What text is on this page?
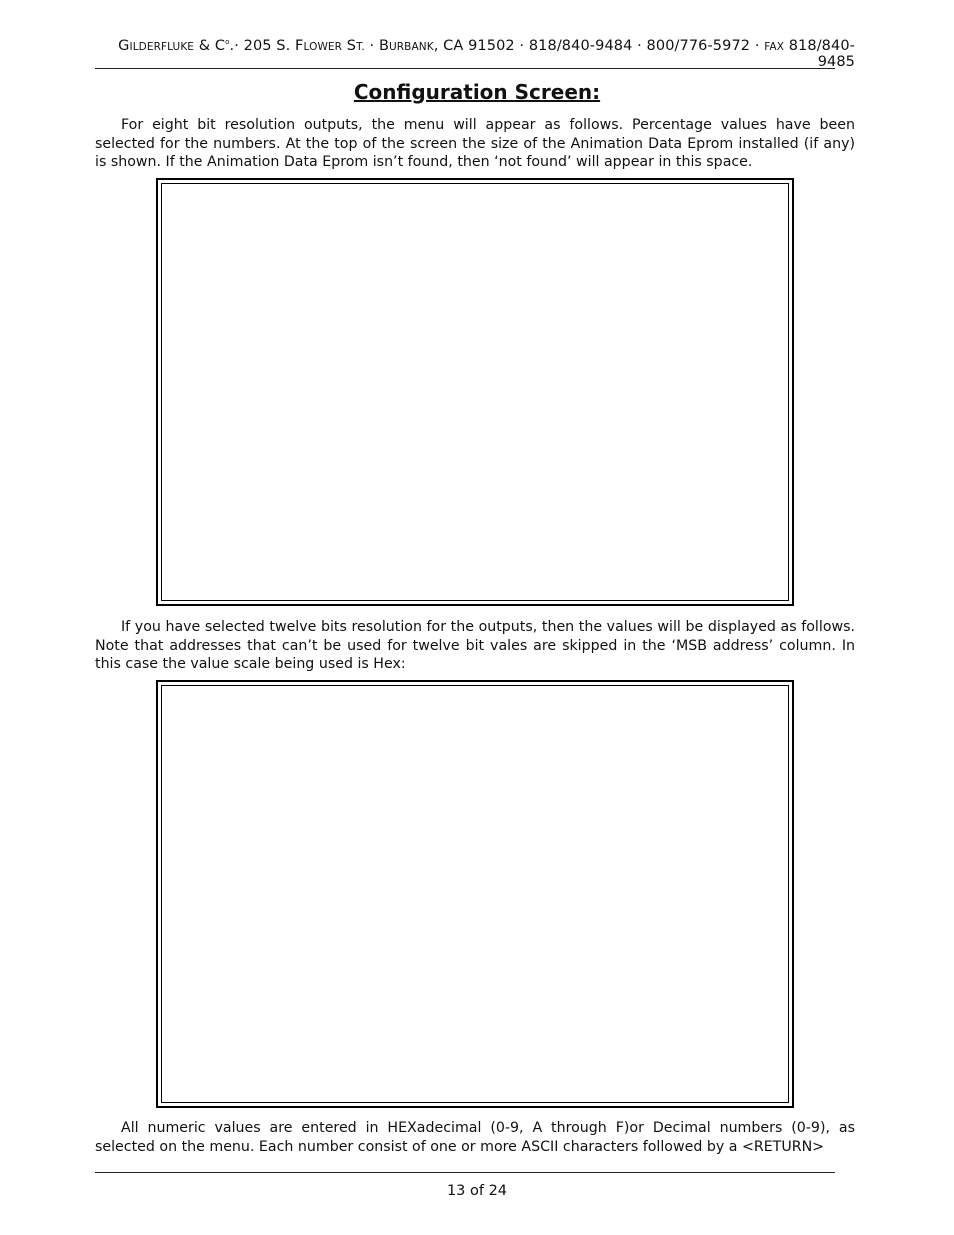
GILDERFLUKE & $C^o.\cdot 205$ S. FLOWER ST. · BURBANK, CA 91502 · 818/840-9484 · 800/776-5972 · FAX 818/840-9485
Configuration Screen:
For eight bit resolution outputs, the menu will appear as follows. Percentage values have been selected for the numbers. At the top of the screen the size of the Animation Data Eprom installed (if any) is shown. If the Animation Data Eprom isn’t found, then ‘not found’ will appear in this space.
If you have selected twelve bits resolution for the outputs, then the values will be displayed as follows. Note that addresses that can’t be used for twelve bit vales are skipped in the ‘MSB address’ column. In this case the value scale being used is Hex:
All numeric values are entered in HEXadecimal (0-9, A through F)or Decimal numbers (0-9), as selected on the menu. Each number consist of one or more ASCII characters followed by a <RETURN>
13 of 24
